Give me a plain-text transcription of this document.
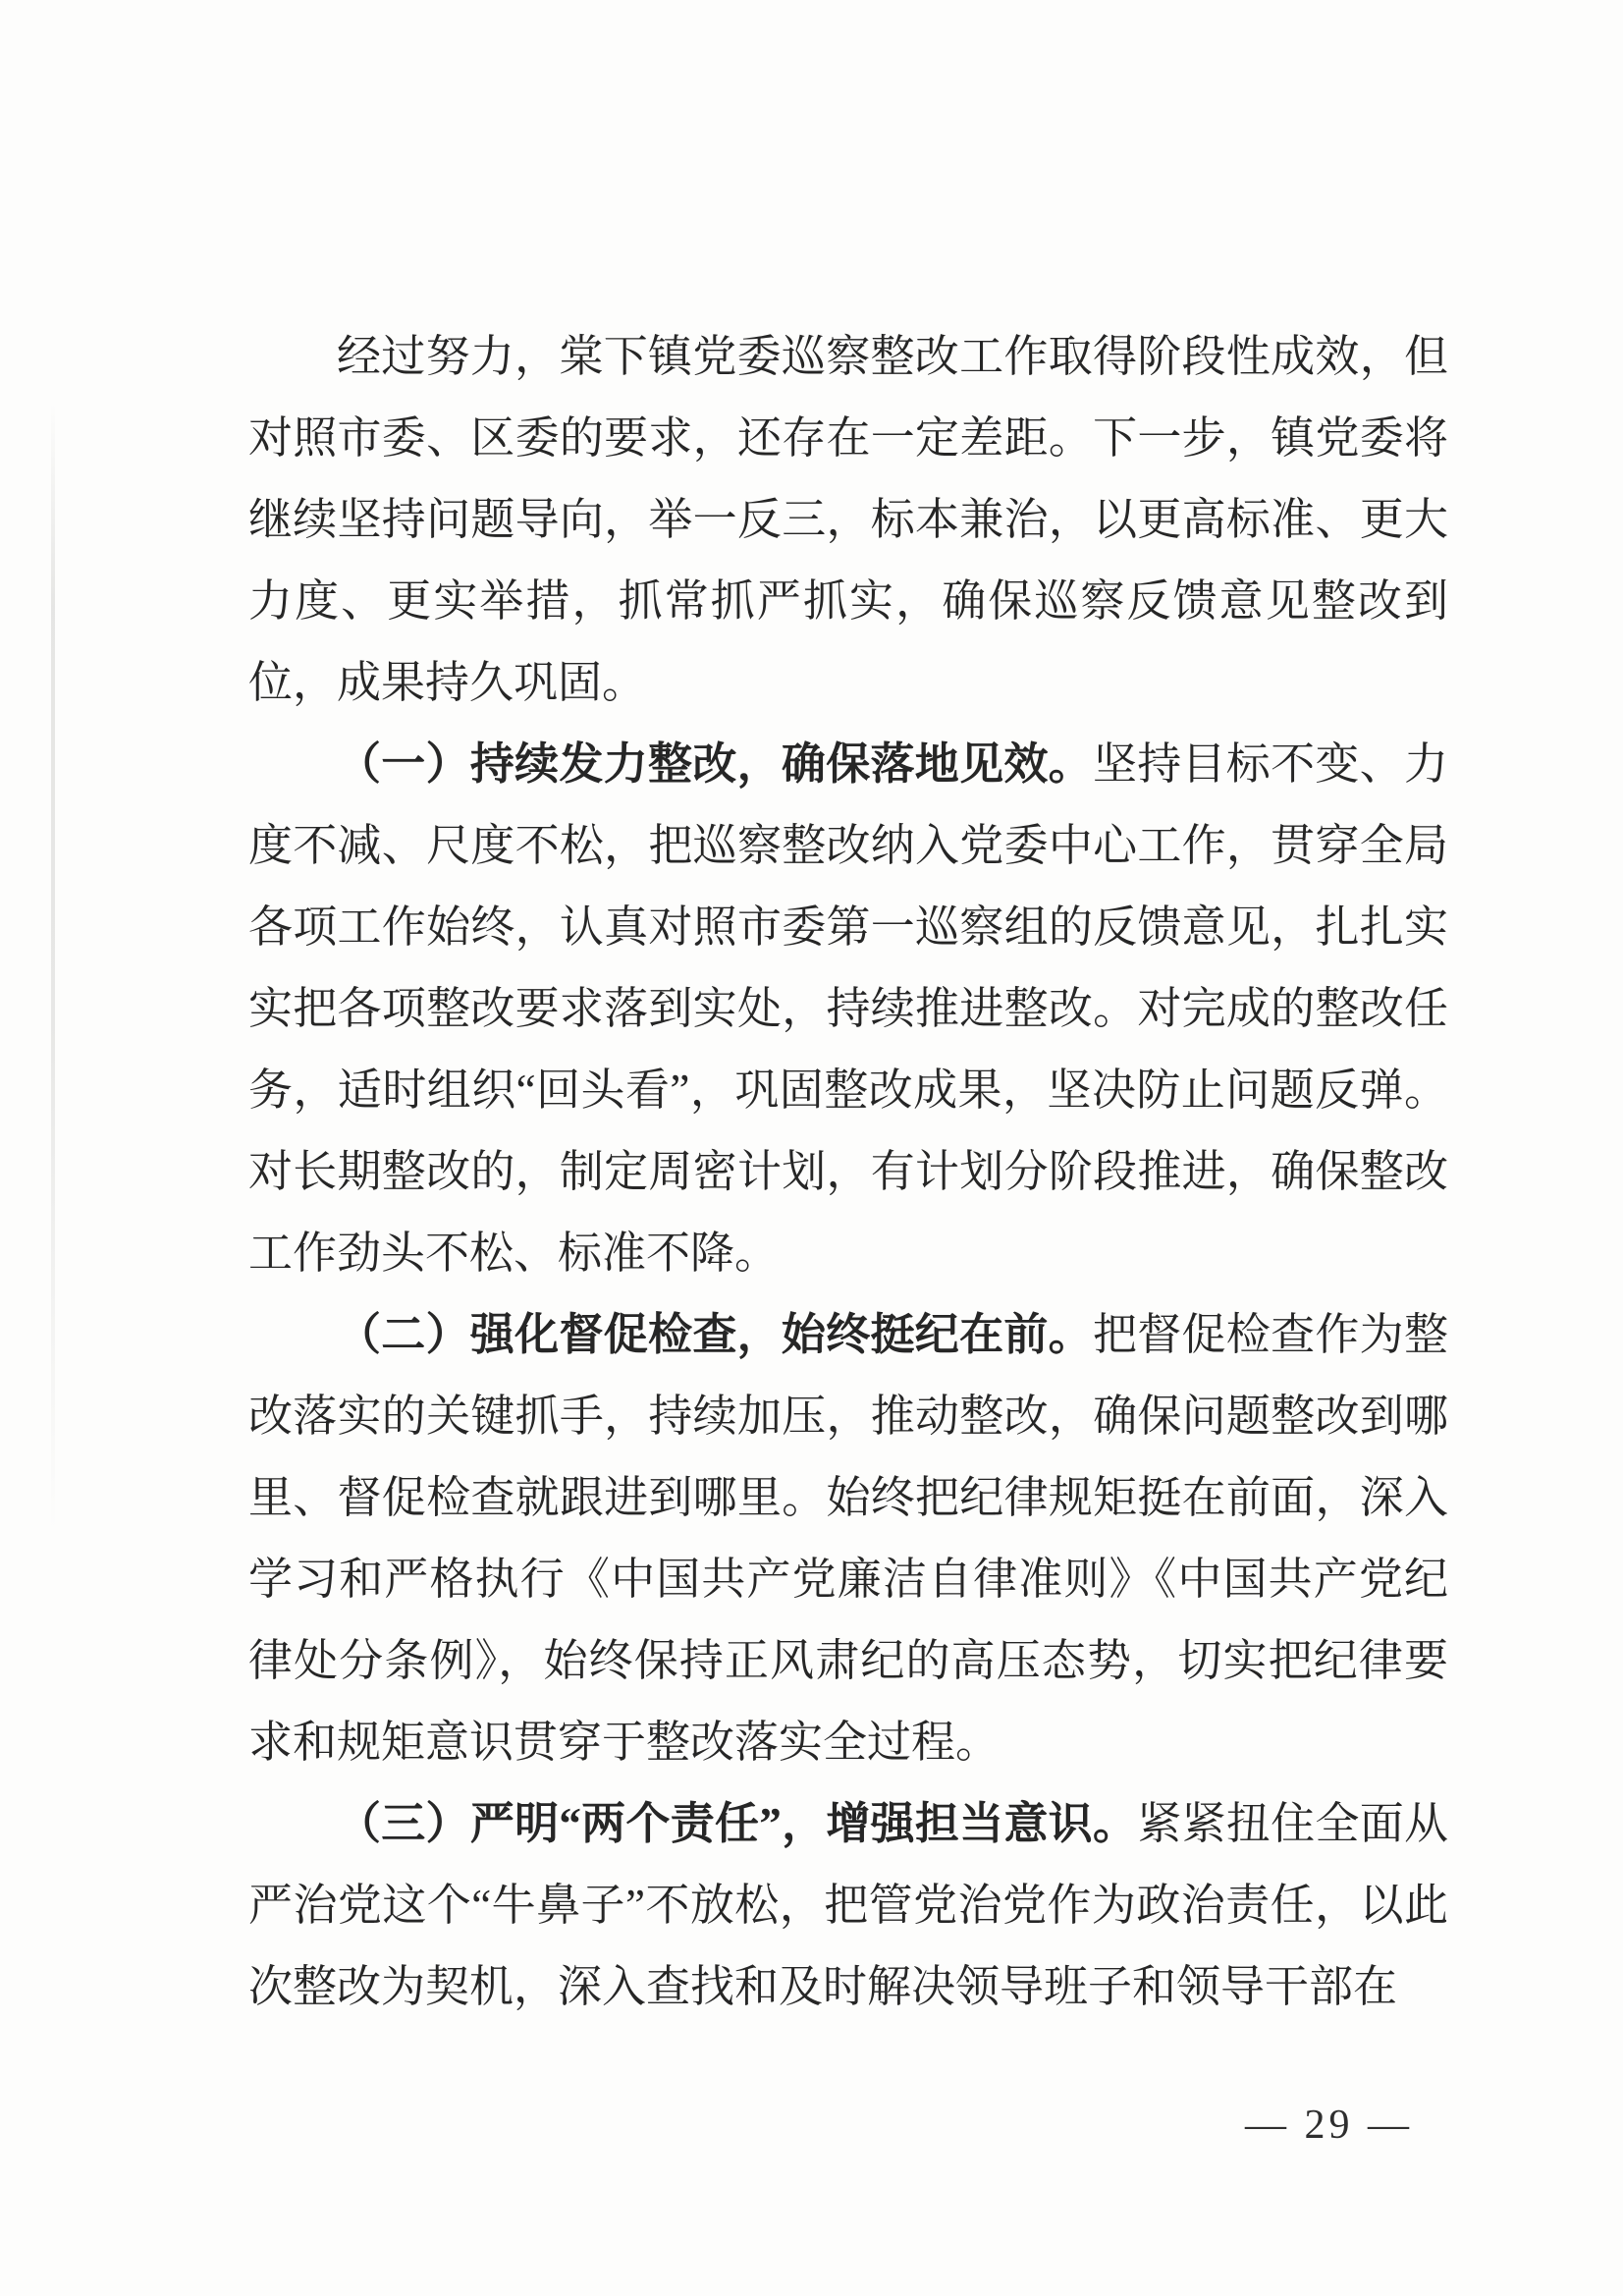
经过努力，棠下镇党委巡察整改工作取得阶段性成效，但对照市委、区委的要求，还存在一定差距。下一步，镇党委将继续坚持问题导向，举一反三，标本兼治，以更高标准、更大力度、更实举措，抓常抓严抓实，确保巡察反馈意见整改到位，成果持久巩固。

（一）持续发力整改，确保落地见效。坚持目标不变、力度不减、尺度不松，把巡察整改纳入党委中心工作，贯穿全局各项工作始终，认真对照市委第一巡察组的反馈意见，扎扎实实把各项整改要求落到实处，持续推进整改。对完成的整改任务，适时组织“回头看”，巩固整改成果，坚决防止问题反弹。对长期整改的，制定周密计划，有计划分阶段推进，确保整改工作劲头不松、标准不降。

（二）强化督促检查，始终挺纪在前。把督促检查作为整改落实的关键抓手，持续加压，推动整改，确保问题整改到哪里、督促检查就跟进到哪里。始终把纪律规矩挺在前面，深入学习和严格执行《中国共产党廉洁自律准则》《中国共产党纪律处分条例》，始终保持正风肃纪的高压态势，切实把纪律要求和规矩意识贯穿于整改落实全过程。

（三）严明“两个责任”，增强担当意识。紧紧扭住全面从严治党这个“牛鼻子”不放松，把管党治党作为政治责任，以此次整改为契机，深入查找和及时解决领导班子和领导干部在

— 29 —
